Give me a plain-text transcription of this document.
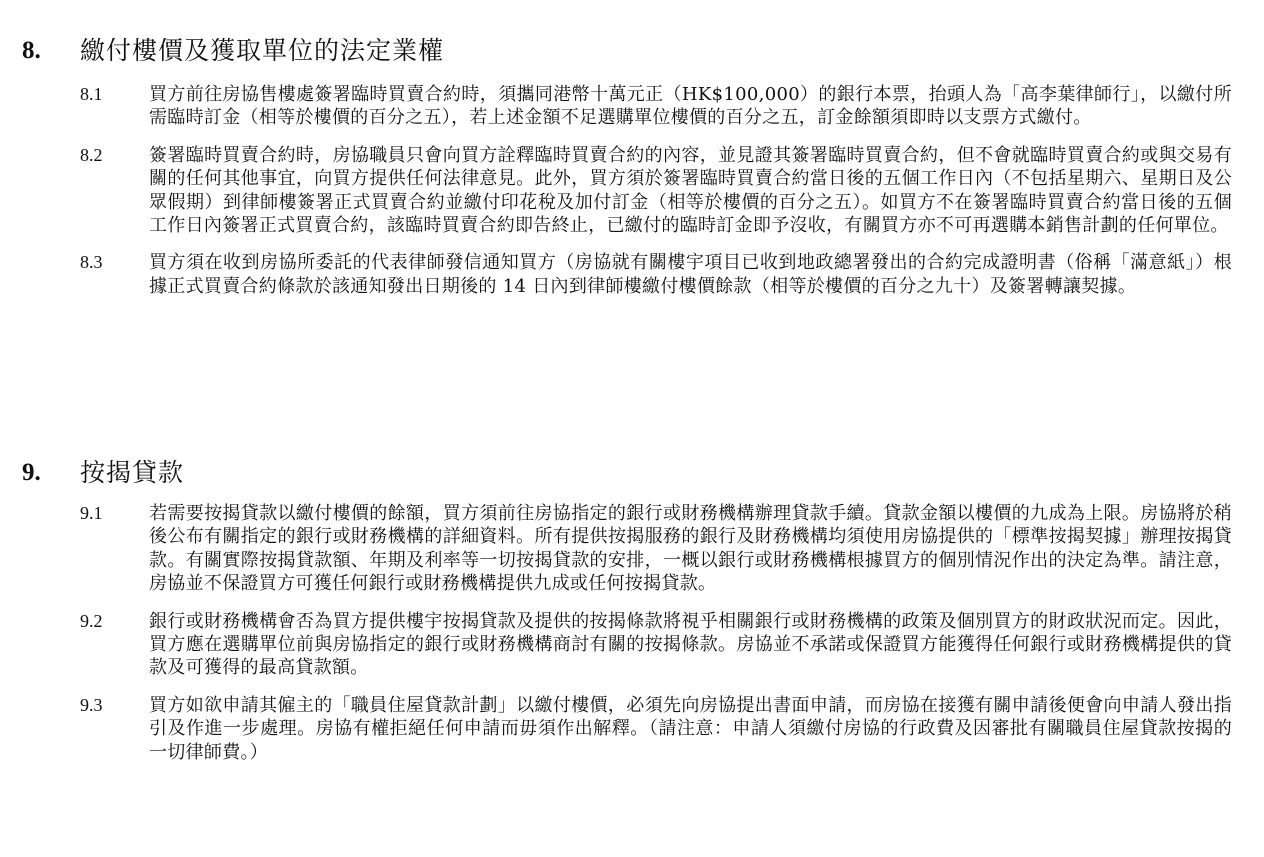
8. 繳付樓價及獲取單位的法定業權
8.1	買方前往房協售樓處簽署臨時買賣合約時，須攜同港幣十萬元正（HK$100,000）的銀行本票，抬頭人為「高李葉律師行」，以繳付所需臨時訂金（相等於樓價的百分之五），若上述金額不足選購單位樓價的百分之五，訂金餘額須即時以支票方式繳付。
8.2	簽署臨時買賣合約時，房協職員只會向買方詮釋臨時買賣合約的內容，並見證其簽署臨時買賣合約，但不會就臨時買賣合約或與交易有關的任何其他事宜，向買方提供任何法律意見。此外，買方須於簽署臨時買賣合約當日後的五個工作日內（不包括星期六、星期日及公眾假期）到律師樓簽署正式買賣合約並繳付印花稅及加付訂金（相等於樓價的百分之五）。如買方不在簽署臨時買賣合約當日後的五個工作日內簽署正式買賣合約，該臨時買賣合約即告終止，已繳付的臨時訂金即予沒收，有關買方亦不可再選購本銷售計劃的任何單位。
8.3	買方須在收到房協所委託的代表律師發信通知買方（房協就有關樓宇項目已收到地政總署發出的合約完成證明書（俗稱「滿意紙」）根據正式買賣合約條款於該通知發出日期後的 14 日內到律師樓繳付樓價餘款（相等於樓價的百分之九十）及簽署轉讓契據。
9. 按揭貸款
9.1	若需要按揭貸款以繳付樓價的餘額，買方須前往房協指定的銀行或財務機構辦理貸款手續。貸款金額以樓價的九成為上限。房協將於稍後公布有關指定的銀行或財務機構的詳細資料。所有提供按揭服務的銀行及財務機構均須使用房協提供的「標準按揭契據」辦理按揭貸款。有關實際按揭貸款額、年期及利率等一切按揭貸款的安排，一概以銀行或財務機構根據買方的個別情況作出的決定為準。請注意，房協並不保證買方可獲任何銀行或財務機構提供九成或任何按揭貸款。
9.2	銀行或財務機構會否為買方提供樓宇按揭貸款及提供的按揭條款將視乎相關銀行或財務機構的政策及個別買方的財政狀況而定。因此，買方應在選購單位前與房協指定的銀行或財務機構商討有關的按揭條款。房協並不承諾或保證買方能獲得任何銀行或財務機構提供的貸款及可獲得的最高貸款額。
9.3	買方如欲申請其僱主的「職員住屋貸款計劃」以繳付樓價，必須先向房協提出書面申請，而房協在接獲有關申請後便會向申請人發出指引及作進一步處理。房協有權拒絕任何申請而毋須作出解釋。（請注意：申請人須繳付房協的行政費及因審批有關職員住屋貸款按揭的一切律師費。）
